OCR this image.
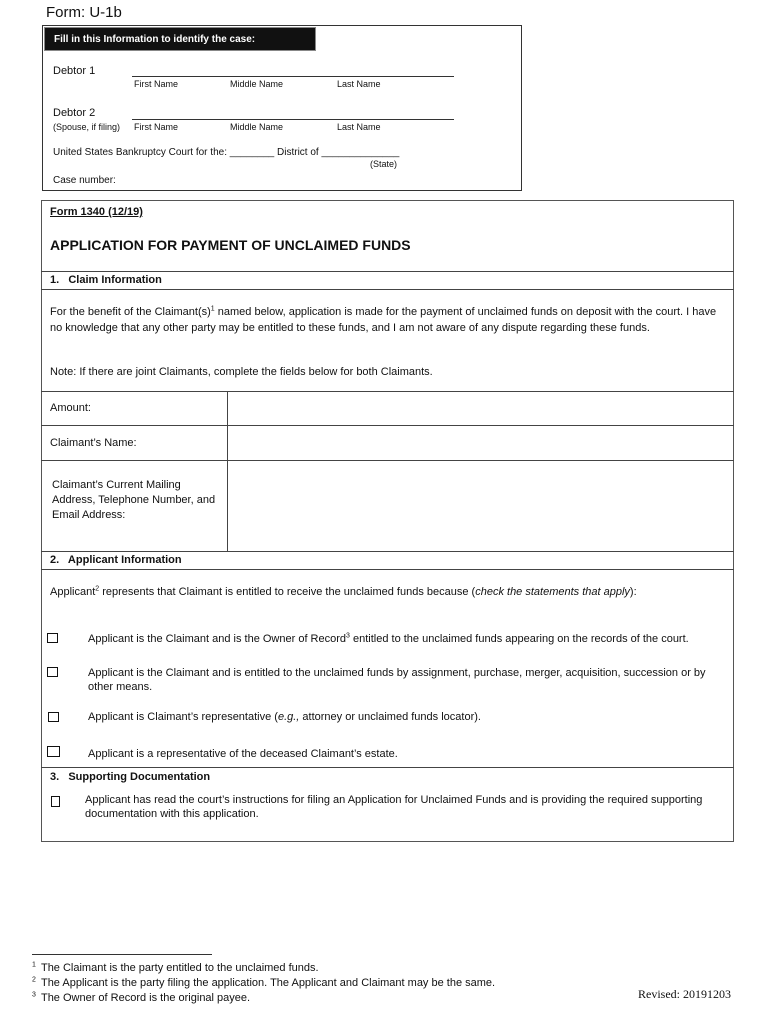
Form: U-1b
Fill in this Information to identify the case:
Debtor 1
First Name	Middle Name	Last Name
Debtor 2
(Spouse, if filing) First Name	Middle Name	Last Name
United States Bankruptcy Court for the: ________ District of ______________
(State)
Case number:
Form 1340 (12/19)
APPLICATION FOR PAYMENT OF UNCLAIMED FUNDS
1.   Claim Information
For the benefit of the $Claimant(s)^1$ named below, application is made for the payment of unclaimed funds on deposit with the court. I have no knowledge that any other party may be entitled to these funds, and I am not aware of any dispute regarding these funds.
Note: If there are joint Claimants, complete the fields below for both Claimants.
Amount:
Claimant’s Name:
Claimant’s Current Mailing Address, Telephone Number, and Email Address:
2.   Applicant Information
Applicant$^2$ represents that Claimant is entitled to receive the unclaimed funds because (check the statements that apply):
Applicant is the Claimant and is the Owner of Record$^3$ entitled to the unclaimed funds appearing on the records of the court.
Applicant is the Claimant and is entitled to the unclaimed funds by assignment, purchase, merger, acquisition, succession or by other means.
Applicant is Claimant’s representative (e.g., attorney or unclaimed funds locator).
Applicant is a representative of the deceased Claimant’s estate.
3.   Supporting Documentation
Applicant has read the court’s instructions for filing an Application for Unclaimed Funds and is providing the required supporting documentation with this application.
$^1$ The Claimant is the party entitled to the unclaimed funds.
$^2$ The Applicant is the party filing the application. The Applicant and Claimant may be the same.
$^3$ The Owner of Record is the original payee.	Revised: 20191203
